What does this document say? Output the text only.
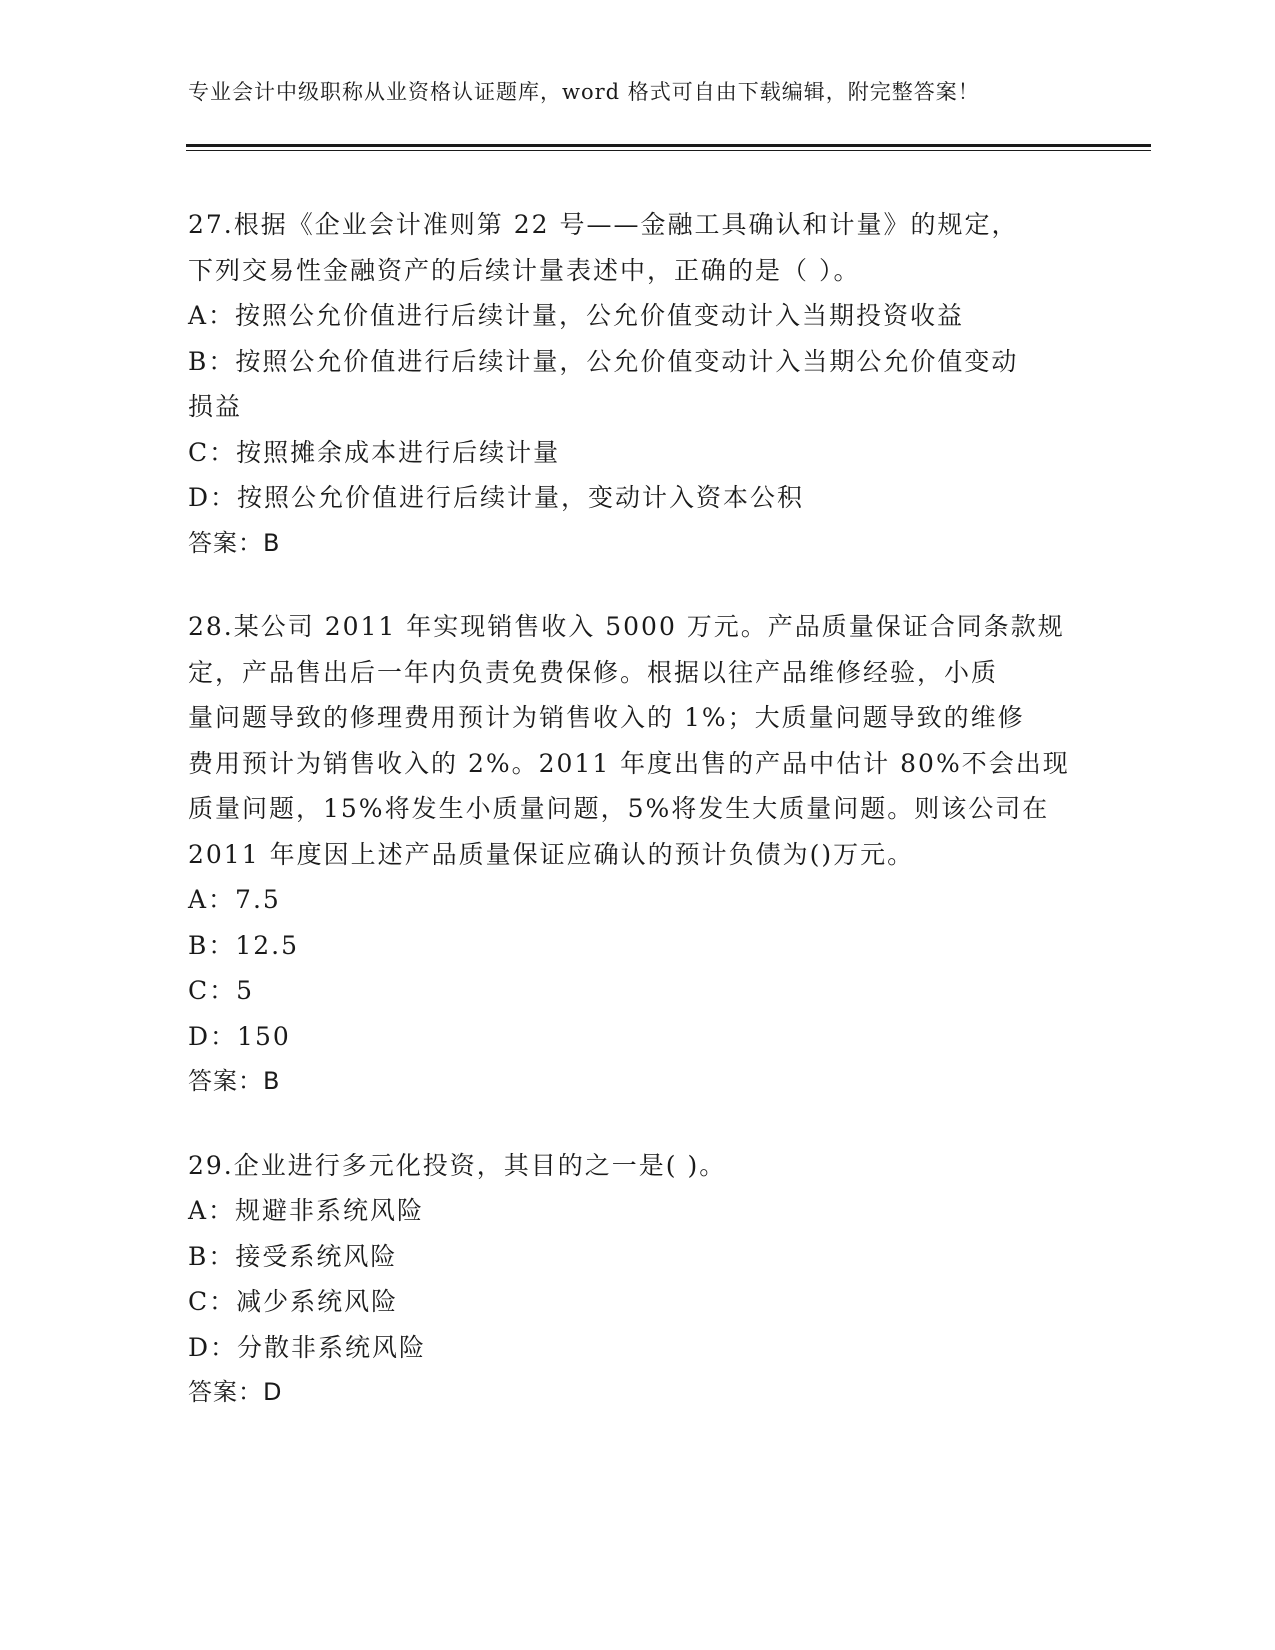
专业会计中级职称从业资格认证题库，word 格式可自由下载编辑，附完整答案！
27.根据《企业会计准则第 22 号——金融工具确认和计量》的规定，
下列交易性金融资产的后续计量表述中，正确的是（ ）。
A：按照公允价值进行后续计量，公允价值变动计入当期投资收益
B：按照公允价值进行后续计量，公允价值变动计入当期公允价值变动
损益
C：按照摊余成本进行后续计量
D：按照公允价值进行后续计量，变动计入资本公积
答案：B
28.某公司 2011 年实现销售收入 5000 万元。产品质量保证合同条款规
定，产品售出后一年内负责免费保修。根据以往产品维修经验，小质
量问题导致的修理费用预计为销售收入的 1%；大质量问题导致的维修
费用预计为销售收入的 2%。2011 年度出售的产品中估计 80%不会出现
质量问题，15%将发生小质量问题，5%将发生大质量问题。则该公司在
2011 年度因上述产品质量保证应确认的预计负债为()万元。
A：7.5
B：12.5
C：5
D：150
答案：B
29.企业进行多元化投资，其目的之一是( )。
A：规避非系统风险
B：接受系统风险
C：减少系统风险
D：分散非系统风险
答案：D
